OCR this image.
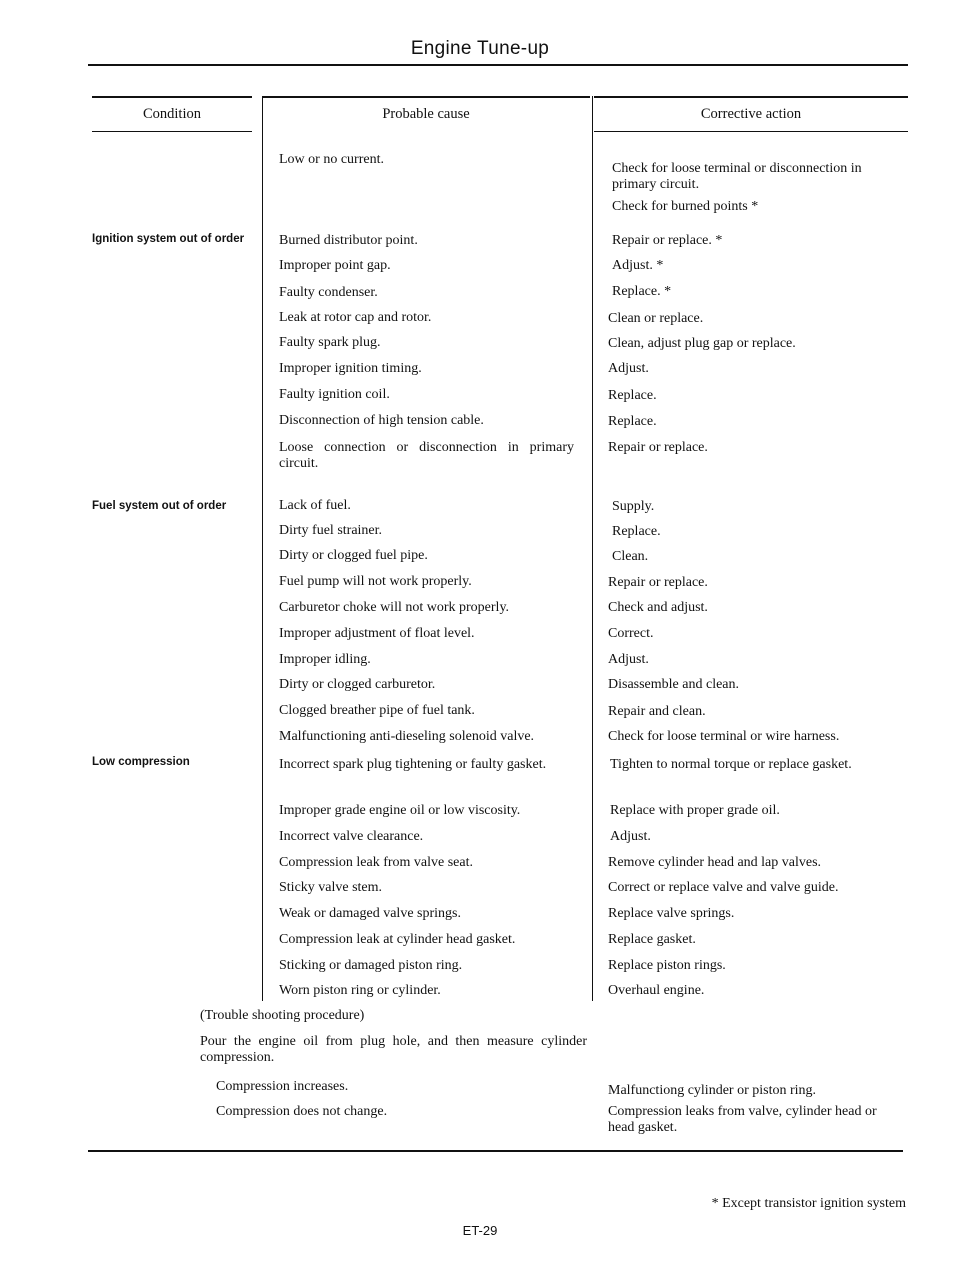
Engine Tune-up
Condition	Probable cause	Corrective action
Ignition system out of order
Fuel system out of order
Low compression
Low or no current.
Burned distributor point.
Improper point gap.
Faulty condenser.
Leak at rotor cap and rotor.
Faulty spark plug.
Improper ignition timing.
Faulty ignition coil.
Disconnection of high tension cable.
Loose connection or disconnection in primary circuit.
Lack of fuel.
Dirty fuel strainer.
Dirty or clogged fuel pipe.
Fuel pump will not work properly.
Carburetor choke will not work properly.
Improper adjustment of float level.
Improper idling.
Dirty or clogged carburetor.
Clogged breather pipe of fuel tank.
Malfunctioning anti-dieseling solenoid valve.
Incorrect spark plug tightening or faulty gasket.
Improper grade engine oil or low viscosity.
Incorrect valve clearance.
Compression leak from valve seat.
Sticky valve stem.
Weak or damaged valve springs.
Compression leak at cylinder head gasket.
Sticking or damaged piston ring.
Worn piston ring or cylinder.
Check for loose terminal or disconnection in primary circuit.
Check for burned points *
Repair or replace. *
Adjust. *
Replace. *
Clean or replace.
Clean, adjust plug gap or replace.
Adjust.
Replace.
Replace.
Repair or replace.
Supply.
Replace.
Clean.
Repair or replace.
Check and adjust.
Correct.
Adjust.
Disassemble and clean.
Repair and clean.
Check for loose terminal or wire harness.
Tighten to normal torque or replace gasket.
Replace with proper grade oil.
Adjust.
Remove cylinder head and lap valves.
Correct or replace valve and valve guide.
Replace valve springs.
Replace gasket.
Replace piston rings.
Overhaul engine.
(Trouble shooting procedure)
Pour the engine oil from plug hole, and then measure cylinder compression.
Compression increases.
Compression does not change.
Malfunctiong cylinder or piston ring.
Compression leaks from valve, cylinder head or head gasket.
* Except transistor ignition system
ET-29
